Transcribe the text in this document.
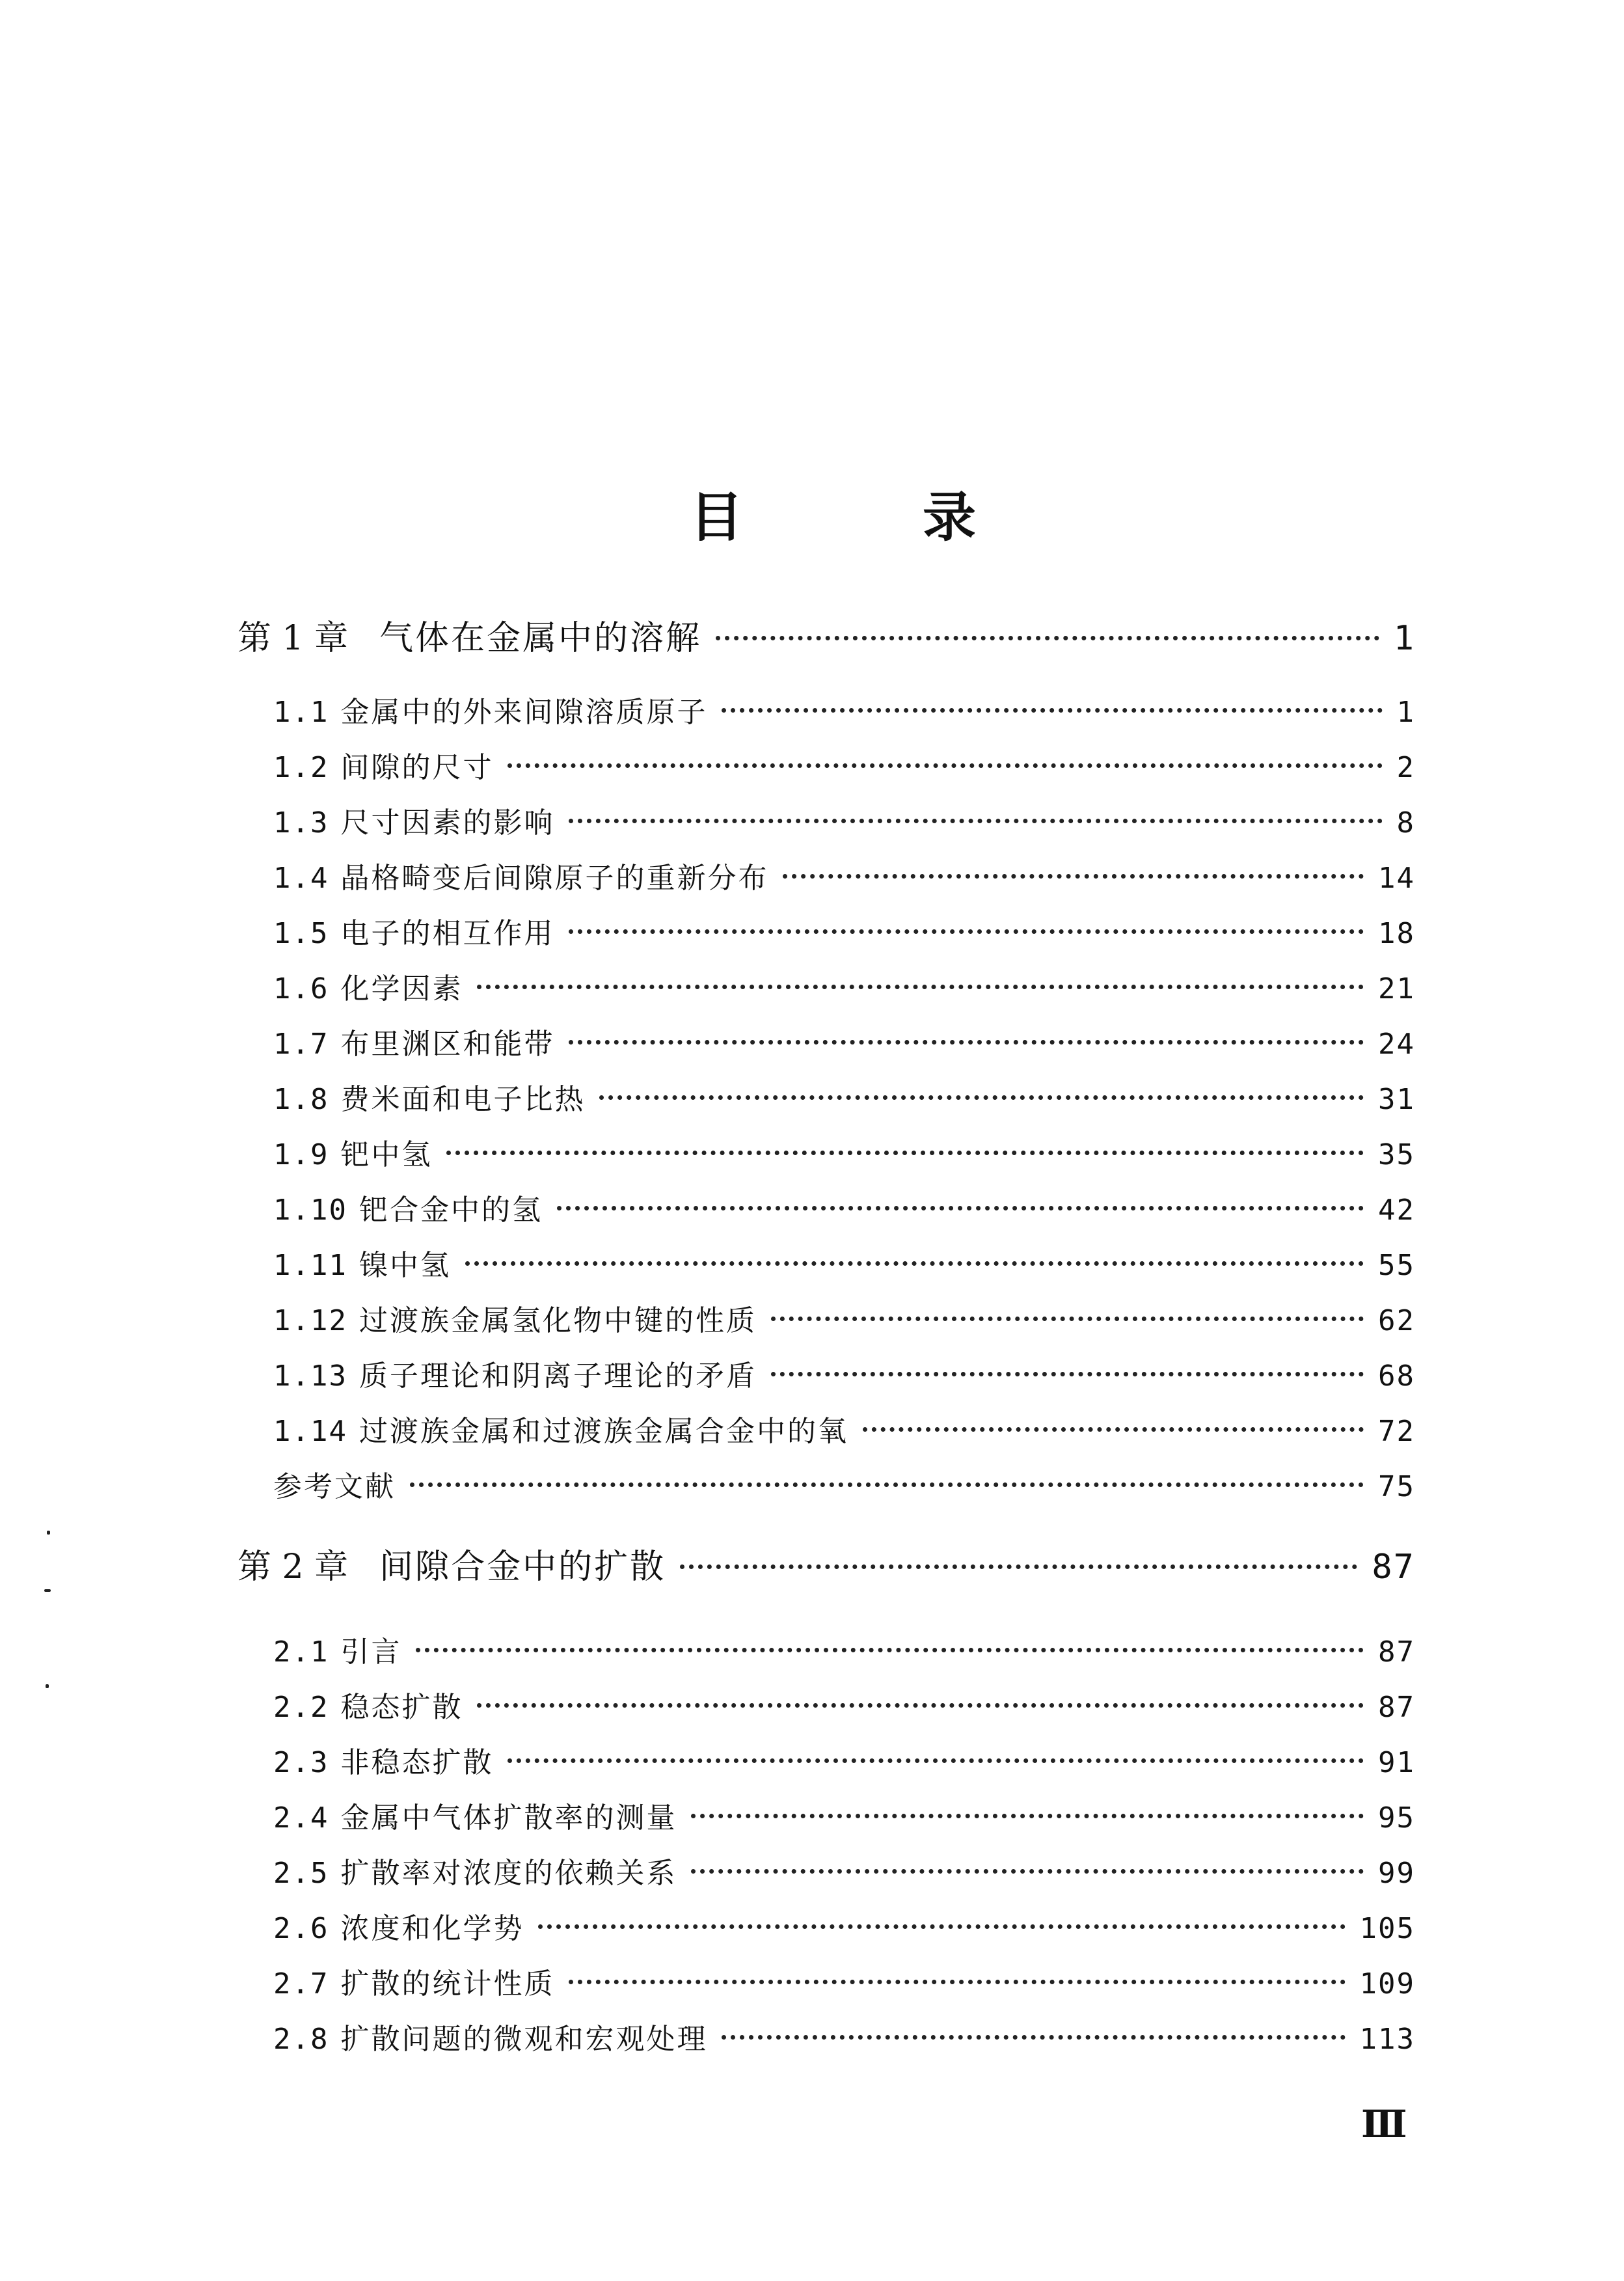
目	录
第 1 章 气体在金属中的溶解	1
1.1 金属中的外来间隙溶质原子	1
1.2 间隙的尺寸	2
1.3 尺寸因素的影响	8
1.4 晶格畸变后间隙原子的重新分布	14
1.5 电子的相互作用	18
1.6 化学因素	21
1.7 布里渊区和能带	24
1.8 费米面和电子比热	31
1.9 钯中氢	35
1.10 钯合金中的氢	42
1.11 镍中氢	55
1.12 过渡族金属氢化物中键的性质	62
1.13 质子理论和阴离子理论的矛盾	68
1.14 过渡族金属和过渡族金属合金中的氧	72
参考文献	75
第 2 章 间隙合金中的扩散	87
2.1 引言	87
2.2 稳态扩散	87
2.3 非稳态扩散	91
2.4 金属中气体扩散率的测量	95
2.5 扩散率对浓度的依赖关系	99
2.6 浓度和化学势	105
2.7 扩散的统计性质	109
2.8 扩散问题的微观和宏观处理	113
Ⅲ
